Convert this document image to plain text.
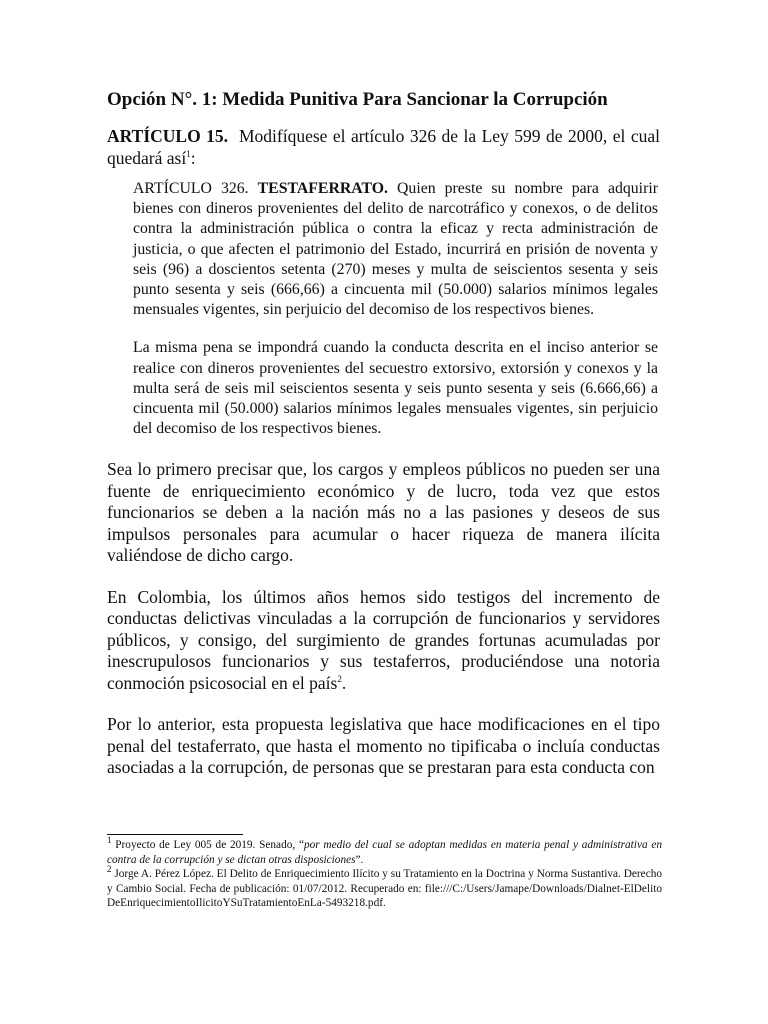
Opción N°. 1: Medida Punitiva Para Sancionar la Corrupción

ARTÍCULO 15. Modifíquese el artículo 326 de la Ley 599 de 2000, el cual quedará así$^1$:

ARTÍCULO 326. TESTAFERRATO. Quien preste su nombre para adquirir bienes con dineros provenientes del delito de narcotráfico y conexos, o de delitos contra la administración pública o contra la eficaz y recta administración de justicia, o que afecten el patrimonio del Estado, incurrirá en prisión de noventa y seis (96) a doscientos setenta (270) meses y multa de seiscientos sesenta y seis punto sesenta y seis (666,66) a cincuenta mil (50.000) salarios mínimos legales mensuales vigentes, sin perjuicio del decomiso de los respectivos bienes.

La misma pena se impondrá cuando la conducta descrita en el inciso anterior se realice con dineros provenientes del secuestro extorsivo, extorsión y conexos y la multa será de seis mil seiscientos sesenta y seis punto sesenta y seis (6.666,66) a cincuenta mil (50.000) salarios mínimos legales mensuales vigentes, sin perjuicio del decomiso de los respectivos bienes.

Sea lo primero precisar que, los cargos y empleos públicos no pueden ser una fuente de enriquecimiento económico y de lucro, toda vez que estos funcionarios se deben a la nación más no a las pasiones y deseos de sus impulsos personales para acumular o hacer riqueza de manera ilícita valiéndose de dicho cargo.

En Colombia, los últimos años hemos sido testigos del incremento de conductas delictivas vinculadas a la corrupción de funcionarios y servidores públicos, y consigo, del surgimiento de grandes fortunas acumuladas por inescrupulosos funcionarios y sus testaferros, produciéndose una notoria conmoción psicosocial en el país$^2$.

Por lo anterior, esta propuesta legislativa que hace modificaciones en el tipo penal del testaferrato, que hasta el momento no tipificaba o incluía conductas asociadas a la corrupción, de personas que se prestaran para esta conducta con

$^1$ Proyecto de Ley 005 de 2019. Senado, “por medio del cual se adoptan medidas en materia penal y administrativa en contra de la corrupción y se dictan otras disposiciones”.

$^2$ Jorge A. Pérez López. El Delito de Enriquecimiento Ilícito y su Tratamiento en la Doctrina y Norma Sustantiva. Derecho y Cambio Social. Fecha de publicación: 01/07/2012. Recuperado en: file:///C:/Users/Jamape/Downloads/Dialnet-ElDelitoDeEnriquecimientoIlicitoYSuTratamientoEnLa-5493218.pdf.
